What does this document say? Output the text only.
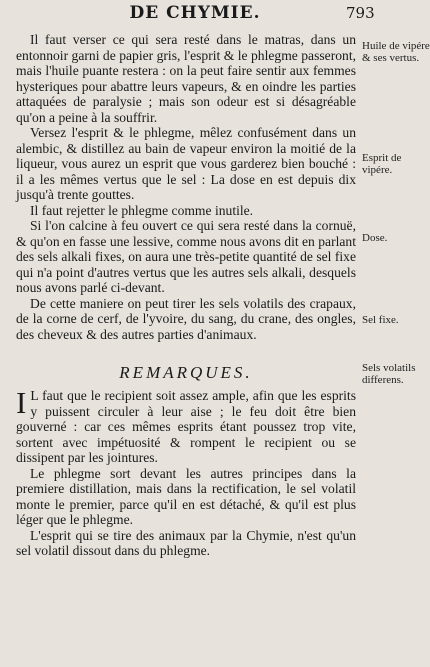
DE CHYMIE.	793

Il faut verser ce qui sera resté dans le matras, dans un entonnoir garni de papier gris, l'esprit & le phlegme passeront, mais l'huile puante restera : on la peut faire sentir aux femmes hysteriques pour abattre leurs vapeurs, & en oindre les parties attaquées de paralysie ; mais son odeur est si désagréable qu'on a peine à la souffrir.

Versez l'esprit & le phlegme, mêlez confusément dans un alembic, & distillez au bain de vapeur environ la moitié de la liqueur, vous aurez un esprit que vous garderez bien bouché : il a les mêmes vertus que le sel : La dose en est depuis dix jusqu'à trente gouttes.

Il faut rejetter le phlegme comme inutile.

Si l'on calcine à feu ouvert ce qui sera resté dans la cornuë, & qu'on en fasse une lessive, comme nous avons dit en parlant des sels alkali fixes, on aura une très-petite quantité de sel fixe qui n'a point d'autres vertus que les autres sels alkali, desquels nous avons parlé ci-devant.

De cette maniere on peut tirer les sels volatils des crapaux, de la corne de cerf, de l'yvoire, du sang, du crane, des ongles, des cheveux & des autres parties d'animaux.

REMARQUES.

I L faut que le recipient soit assez ample, afin que les esprits y puissent circuler à leur aise ; le feu doit être bien gouverné : car ces mêmes esprits étant poussez trop vite, sortent avec impétuosité & rompent le recipient ou se dissipent par les jointures.

Le phlegme sort devant les autres principes dans la premiere distillation, mais dans la rectification, le sel volatil monte le premier, parce qu'il en est détaché, & qu'il est plus léger que le phlegme.

L'esprit qui se tire des animaux par la Chymie, n'est qu'un sel volatil dissout dans du phlegme.

Huile de vipére & ses vertus.
Esprit de vipére.
Dose.
Sel fixe.
Sels volatils differens.
